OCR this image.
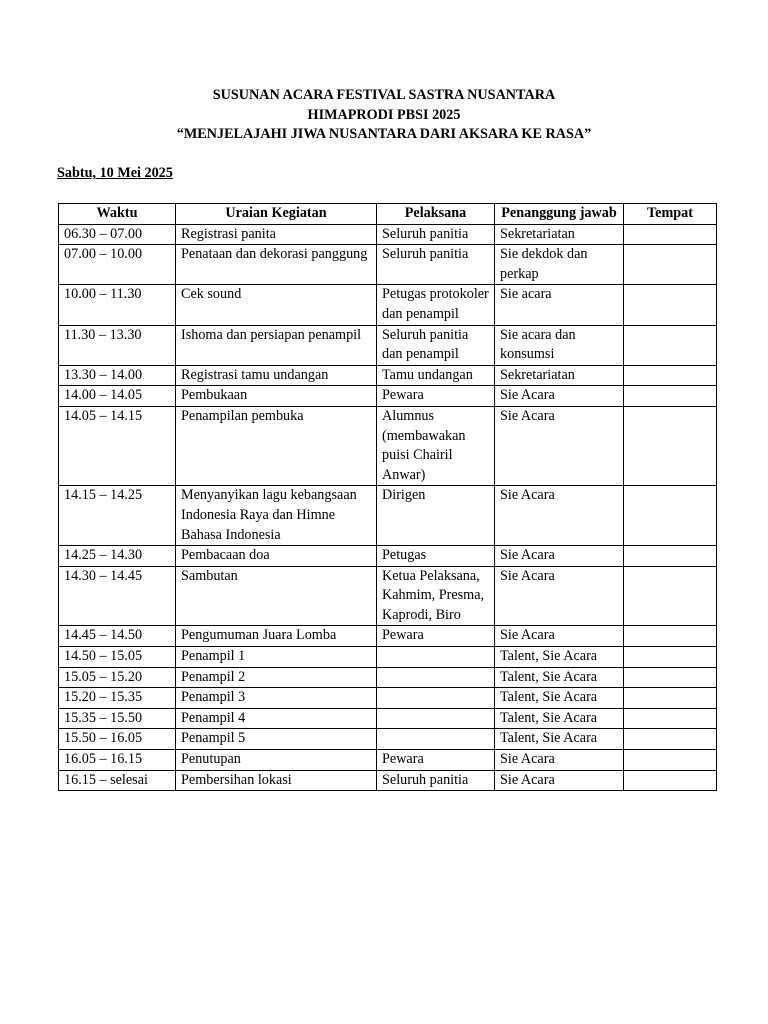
SUSUNAN ACARA FESTIVAL SASTRA NUSANTARA
HIMAPRODI PBSI 2025
“MENJELAJAHI JIWA NUSANTARA DARI AKSARA KE RASA”
Sabtu, 10 Mei 2025
Waktu	Uraian Kegiatan	Pelaksana	Penanggung jawab	Tempat
06.30 – 07.00	Registrasi panita	Seluruh panitia	Sekretariatan	
07.00 – 10.00	Penataan dan dekorasi panggung	Seluruh panitia	Sie dekdok dan perkap	
10.00 – 11.30	Cek sound	Petugas protokoler dan penampil	Sie acara	
11.30 – 13.30	Ishoma dan persiapan penampil	Seluruh panitia dan penampil	Sie acara dan konsumsi	
13.30 – 14.00	Registrasi tamu undangan	Tamu undangan	Sekretariatan	
14.00 – 14.05	Pembukaan	Pewara	Sie Acara	
14.05 – 14.15	Penampilan pembuka	Alumnus (membawakan puisi Chairil Anwar)	Sie Acara	
14.15 – 14.25	Menyanyikan lagu kebangsaan Indonesia Raya dan Himne Bahasa Indonesia	Dirigen	Sie Acara	
14.25 – 14.30	Pembacaan doa	Petugas	Sie Acara	
14.30 – 14.45	Sambutan	Ketua Pelaksana, Kahmim, Presma, Kaprodi, Biro	Sie Acara	
14.45 – 14.50	Pengumuman Juara Lomba	Pewara	Sie Acara	
14.50 – 15.05	Penampil 1		Talent, Sie Acara	
15.05 – 15.20	Penampil 2		Talent, Sie Acara	
15.20 – 15.35	Penampil 3		Talent, Sie Acara	
15.35 – 15.50	Penampil 4		Talent, Sie Acara	
15.50 – 16.05	Penampil 5		Talent, Sie Acara	
16.05 – 16.15	Penutupan	Pewara	Sie Acara	
16.15 – selesai	Pembersihan lokasi	Seluruh panitia	Sie Acara	
